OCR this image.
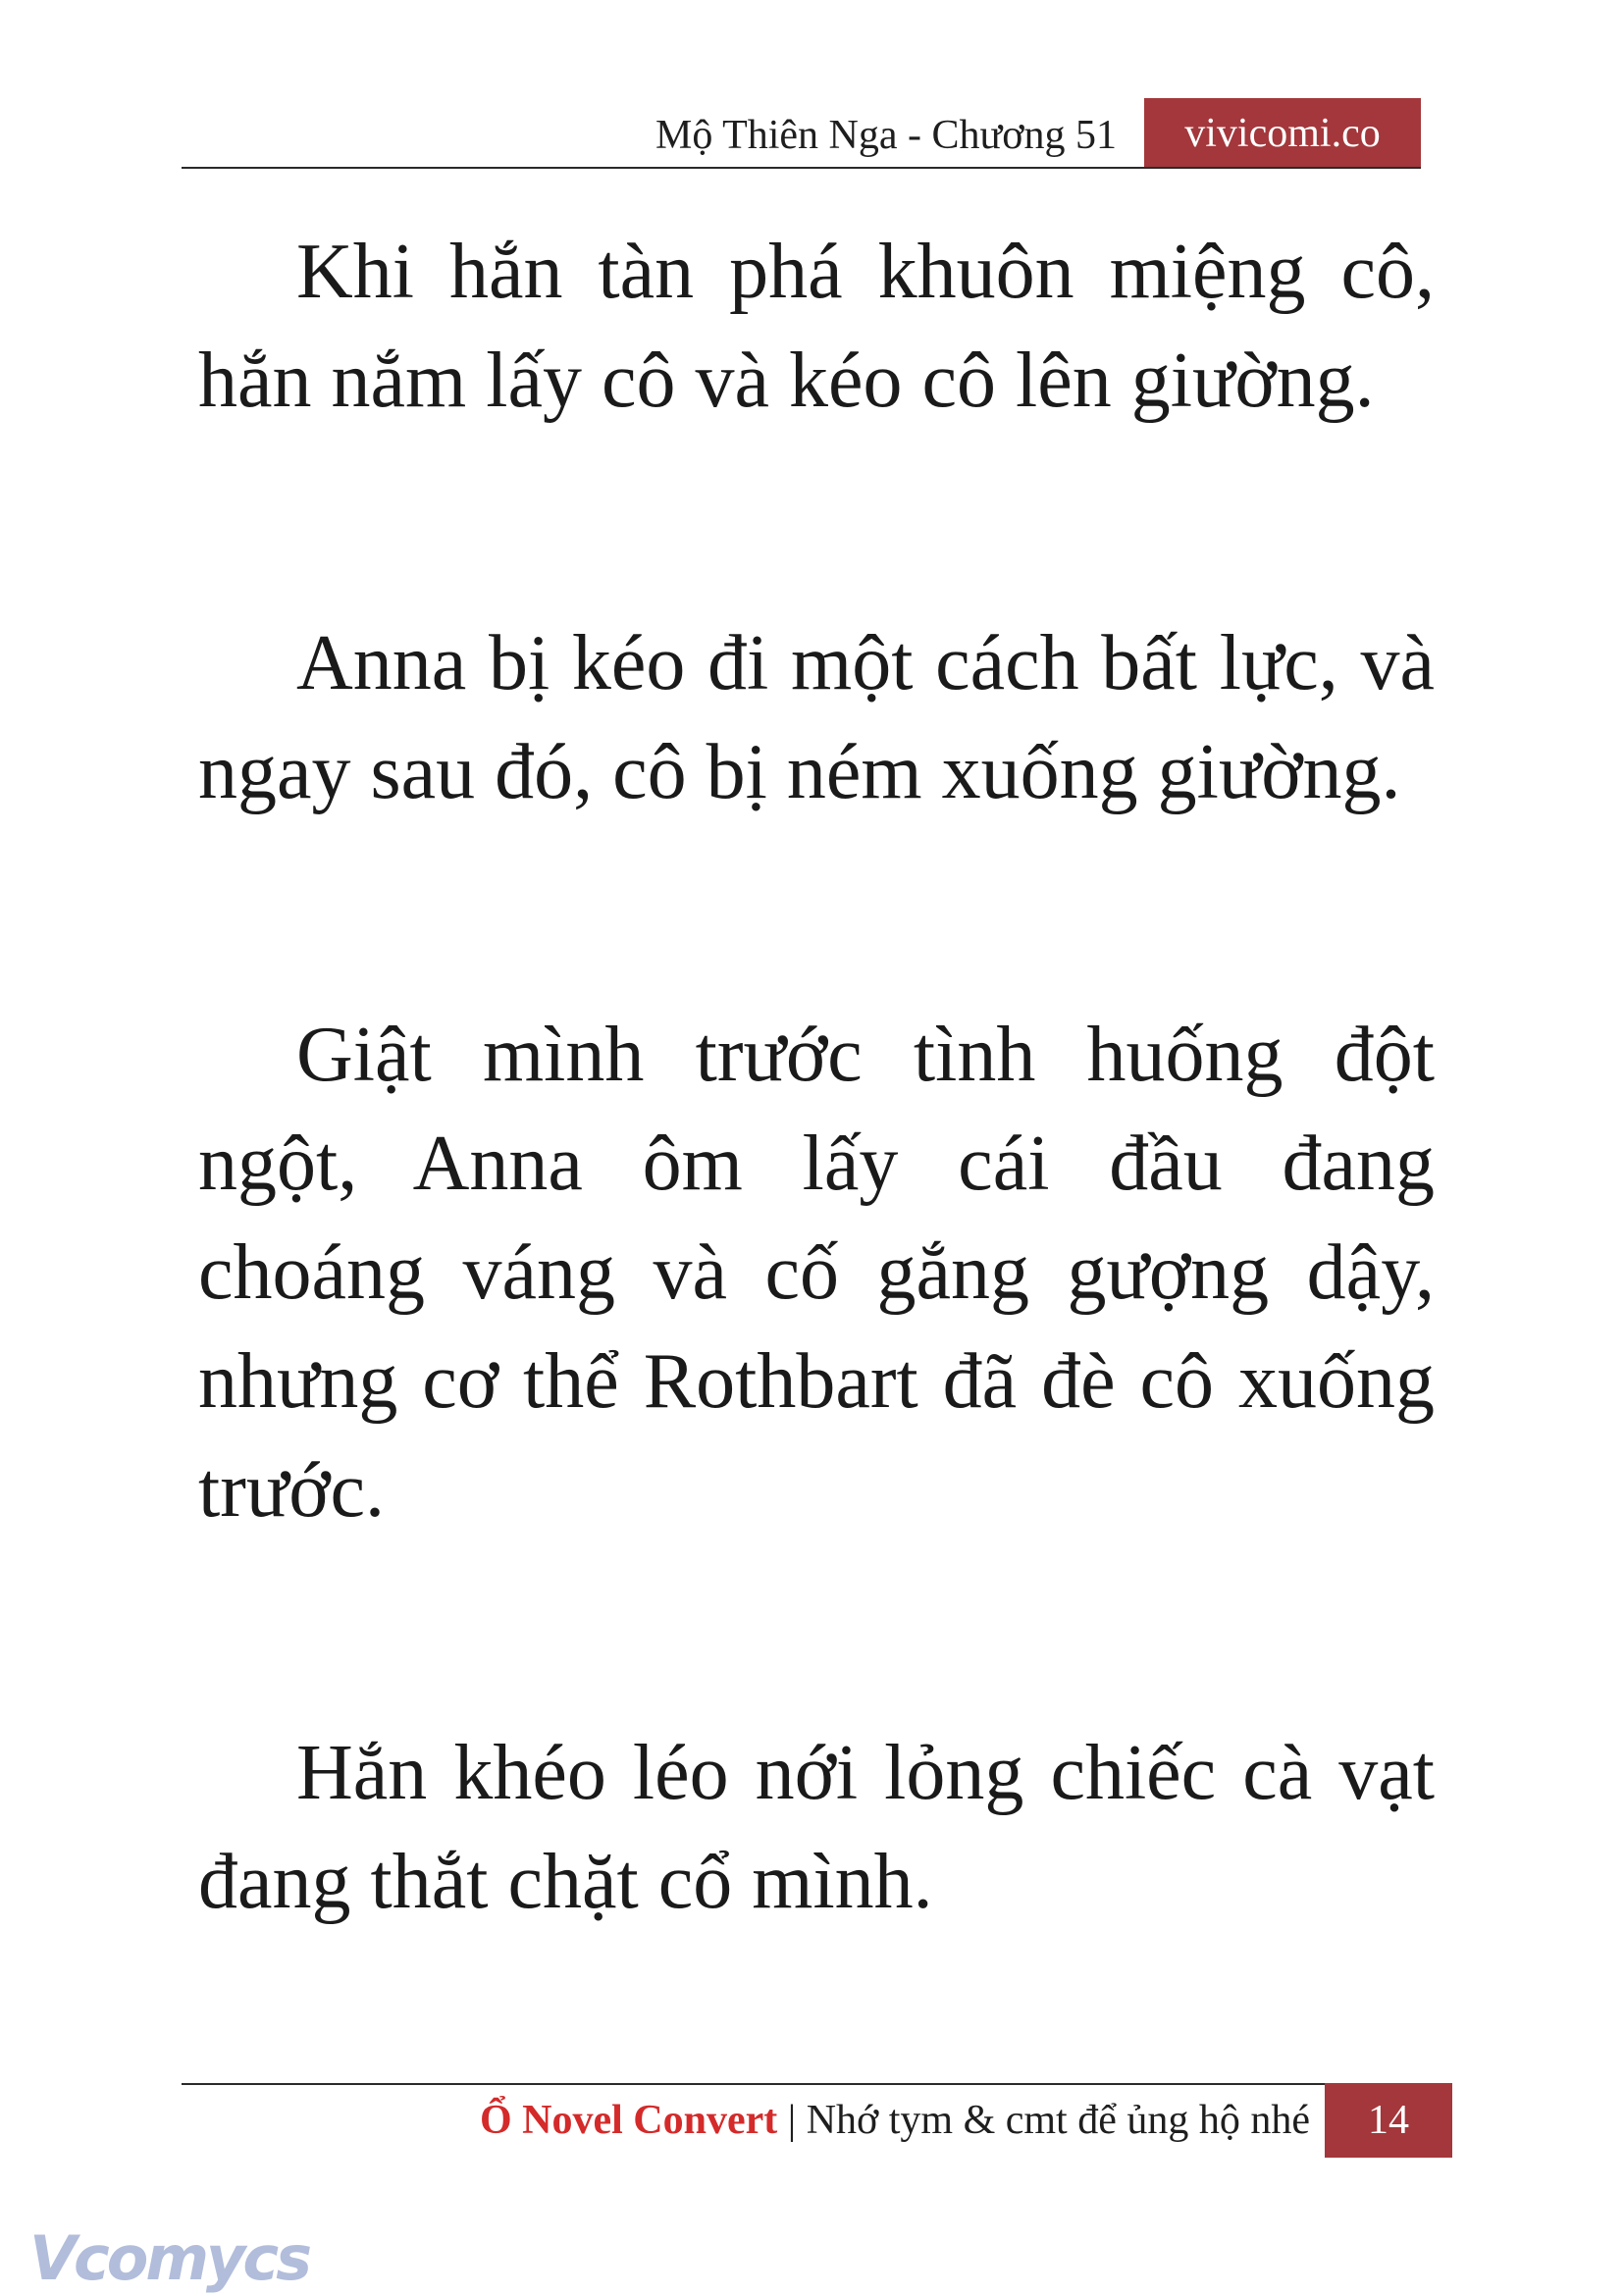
Mộ Thiên Nga - Chương 51	vivicomi.co

Khi hắn tàn phá khuôn miệng cô, hắn nắm lấy cô và kéo cô lên giường.

Anna bị kéo đi một cách bất lực, và ngay sau đó, cô bị ném xuống giường.

Giật mình trước tình huống đột ngột, Anna ôm lấy cái đầu đang choáng váng và cố gắng gượng dậy, nhưng cơ thể Rothbart đã đè cô xuống trước.

Hắn khéo léo nới lỏng chiếc cà vạt đang thắt chặt cổ mình.

Ổ Novel Convert | Nhớ tym & cmt để ủng hộ nhé	14
Vcomycs
